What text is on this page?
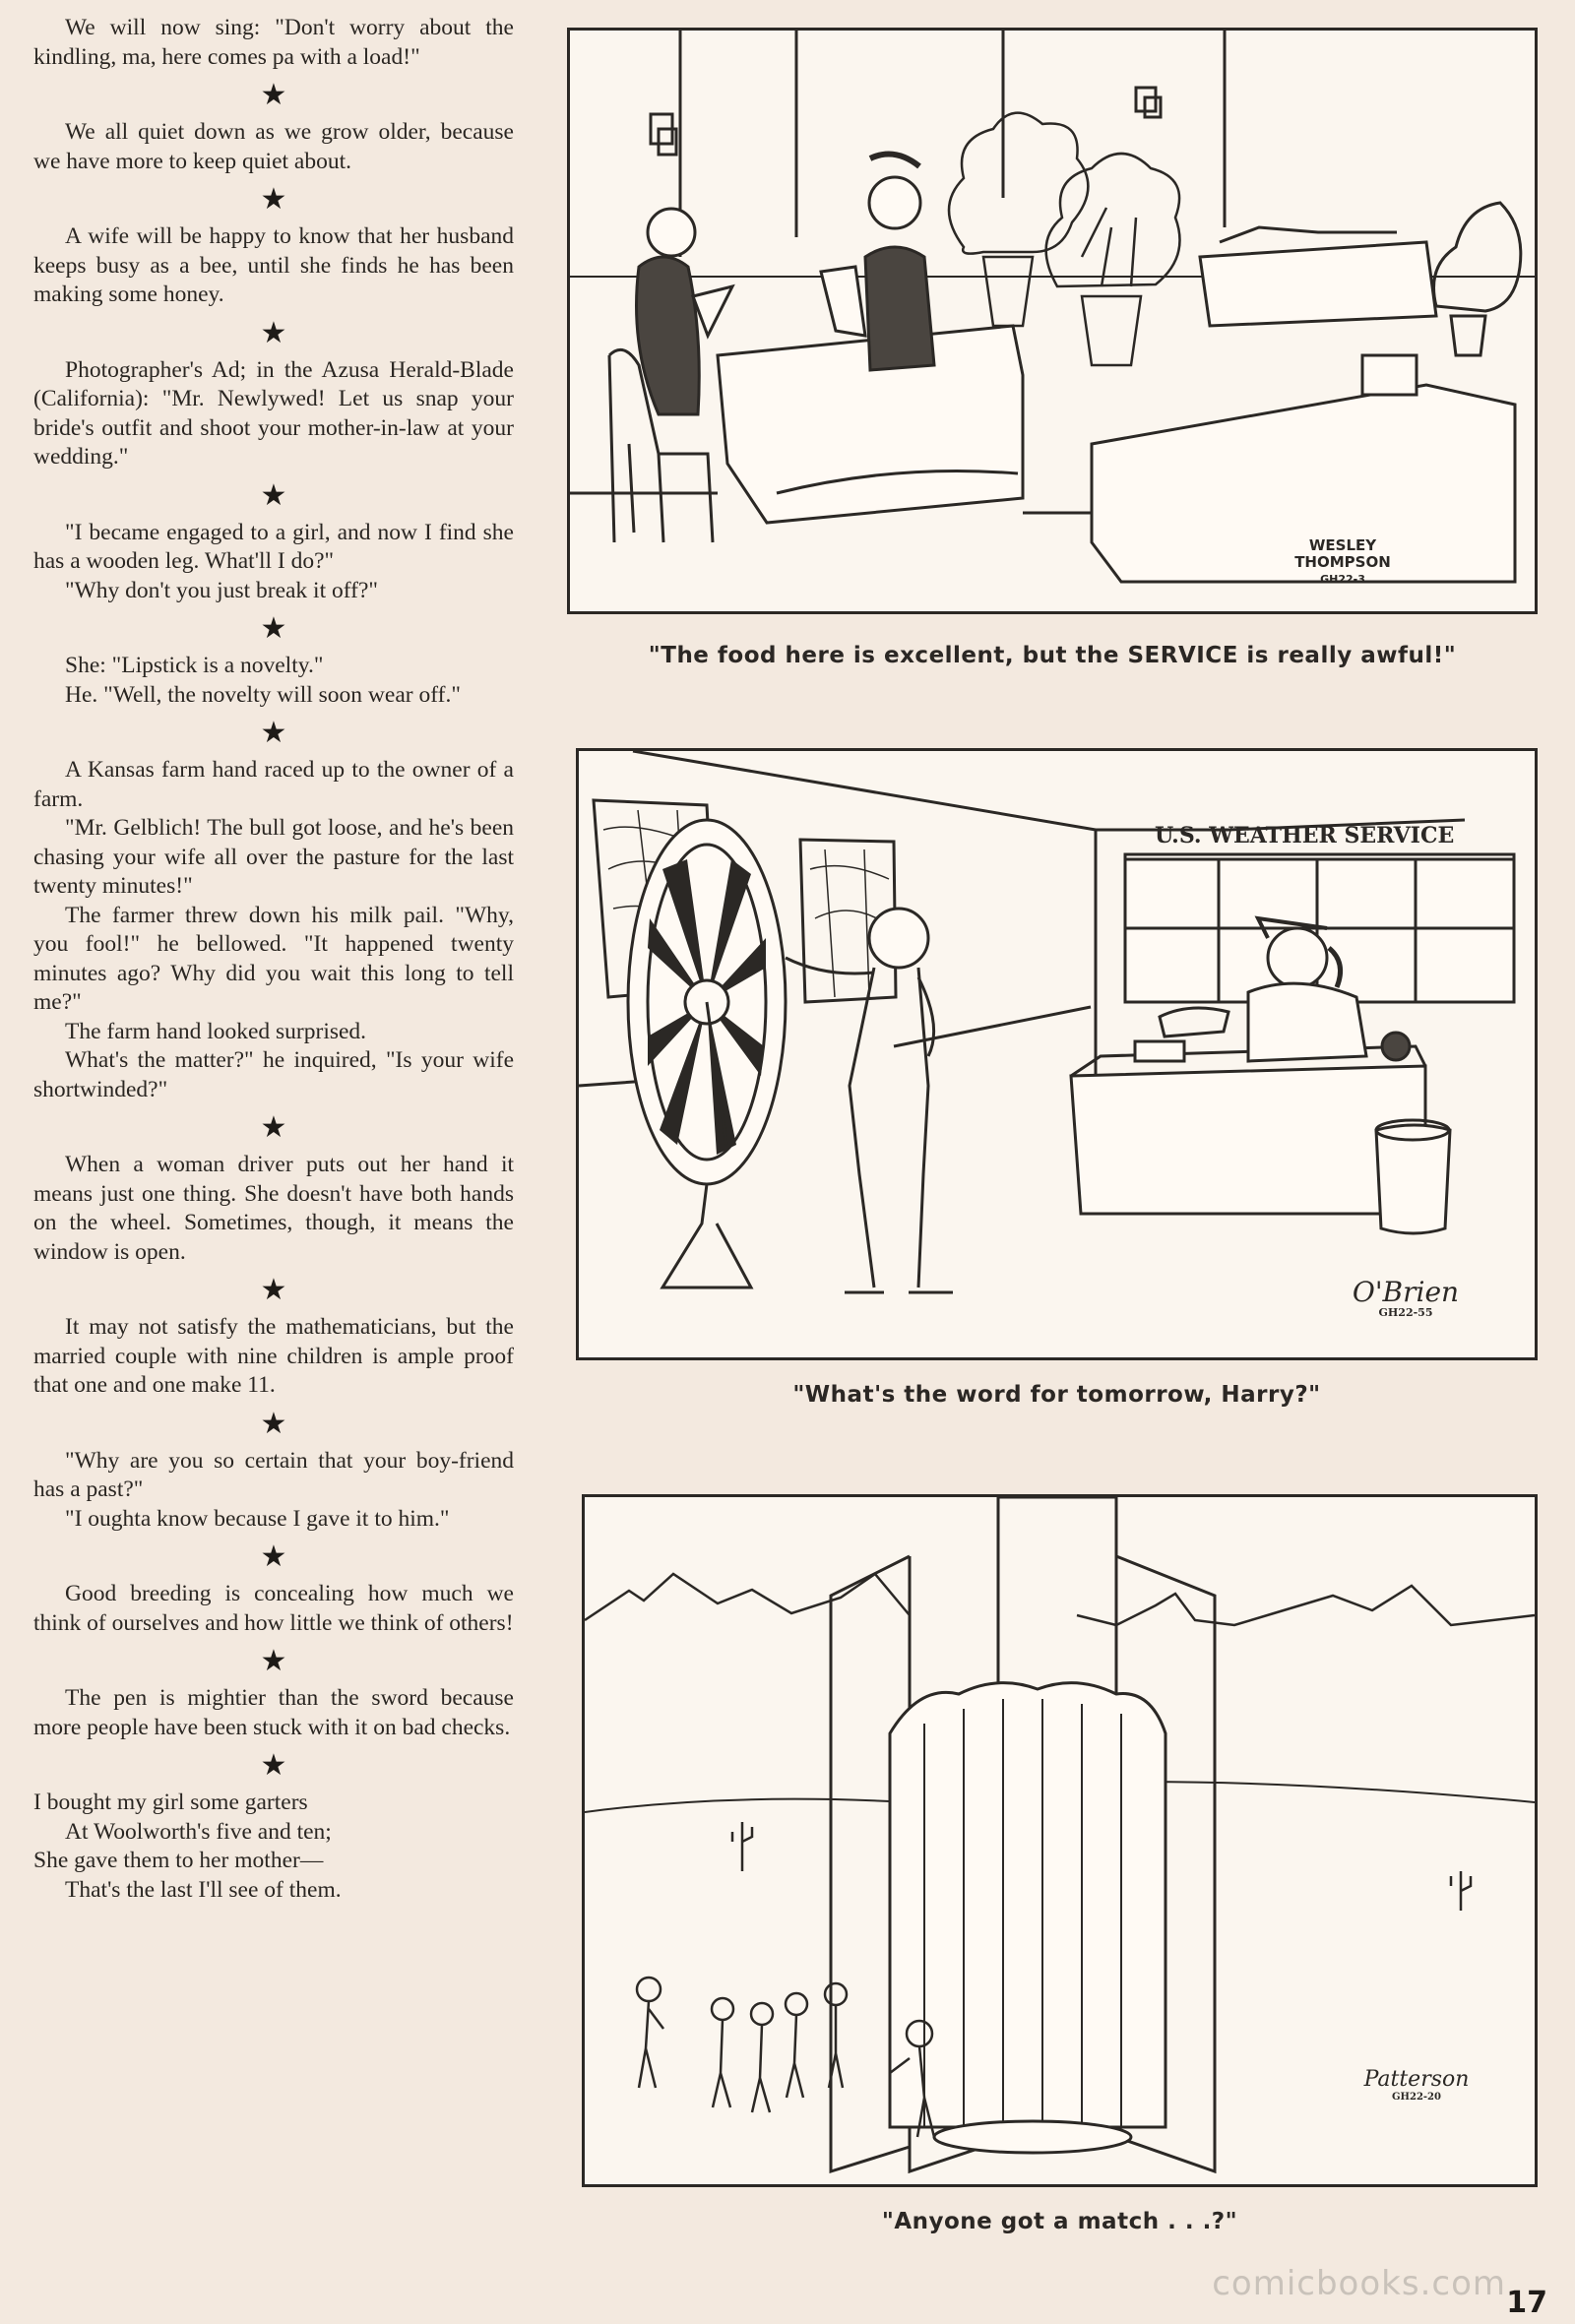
We will now sing: "Don't worry about the kindling, ma, here comes pa with a load!"

★

We all quiet down as we grow older, because we have more to keep quiet about.

★

A wife will be happy to know that her husband keeps busy as a bee, until she finds he has been making some honey.

★

Photographer's Ad; in the Azusa Herald-Blade (California): "Mr. Newlywed! Let us snap your bride's outfit and shoot your mother-in-law at your wedding."

★

"I became engaged to a girl, and now I find she has a wooden leg. What'll I do?"

"Why don't you just break it off?"

★

She: "Lipstick is a novelty."

He. "Well, the novelty will soon wear off."

★

A Kansas farm hand raced up to the owner of a farm.

"Mr. Gelblich! The bull got loose, and he's been chasing your wife all over the pasture for the last twenty minutes!"

The farmer threw down his milk pail. "Why, you fool!" he bellowed. "It happened twenty minutes ago? Why did you wait this long to tell me?"

The farm hand looked surprised.

What's the matter?" he inquired, "Is your wife shortwinded?"

★

When a woman driver puts out her hand it means just one thing. She doesn't have both hands on the wheel. Sometimes, though, it means the window is open.

★

It may not satisfy the mathematicians, but the married couple with nine children is ample proof that one and one make 11.

★

"Why are you so certain that your boy-friend has a past?"

"I oughta know because I gave it to him."

★

Good breeding is concealing how much we think of ourselves and how little we think of others!

★

The pen is mightier than the sword because more people have been stuck with it on bad checks.

★

I bought my girl some garters

At Woolworth's five and ten;

She gave them to her mother—

That's the last I'll see of them.

WESLEY THOMPSON
GH22-3
"The food here is excellent, but the SERVICE is really awful!"
U.S. WEATHER SERVICE
O'Brien
GH22-55
"What's the word for tomorrow, Harry?"
Patterson
GH22-20
"Anyone got a match . . .?"
comicbooks.com 17
